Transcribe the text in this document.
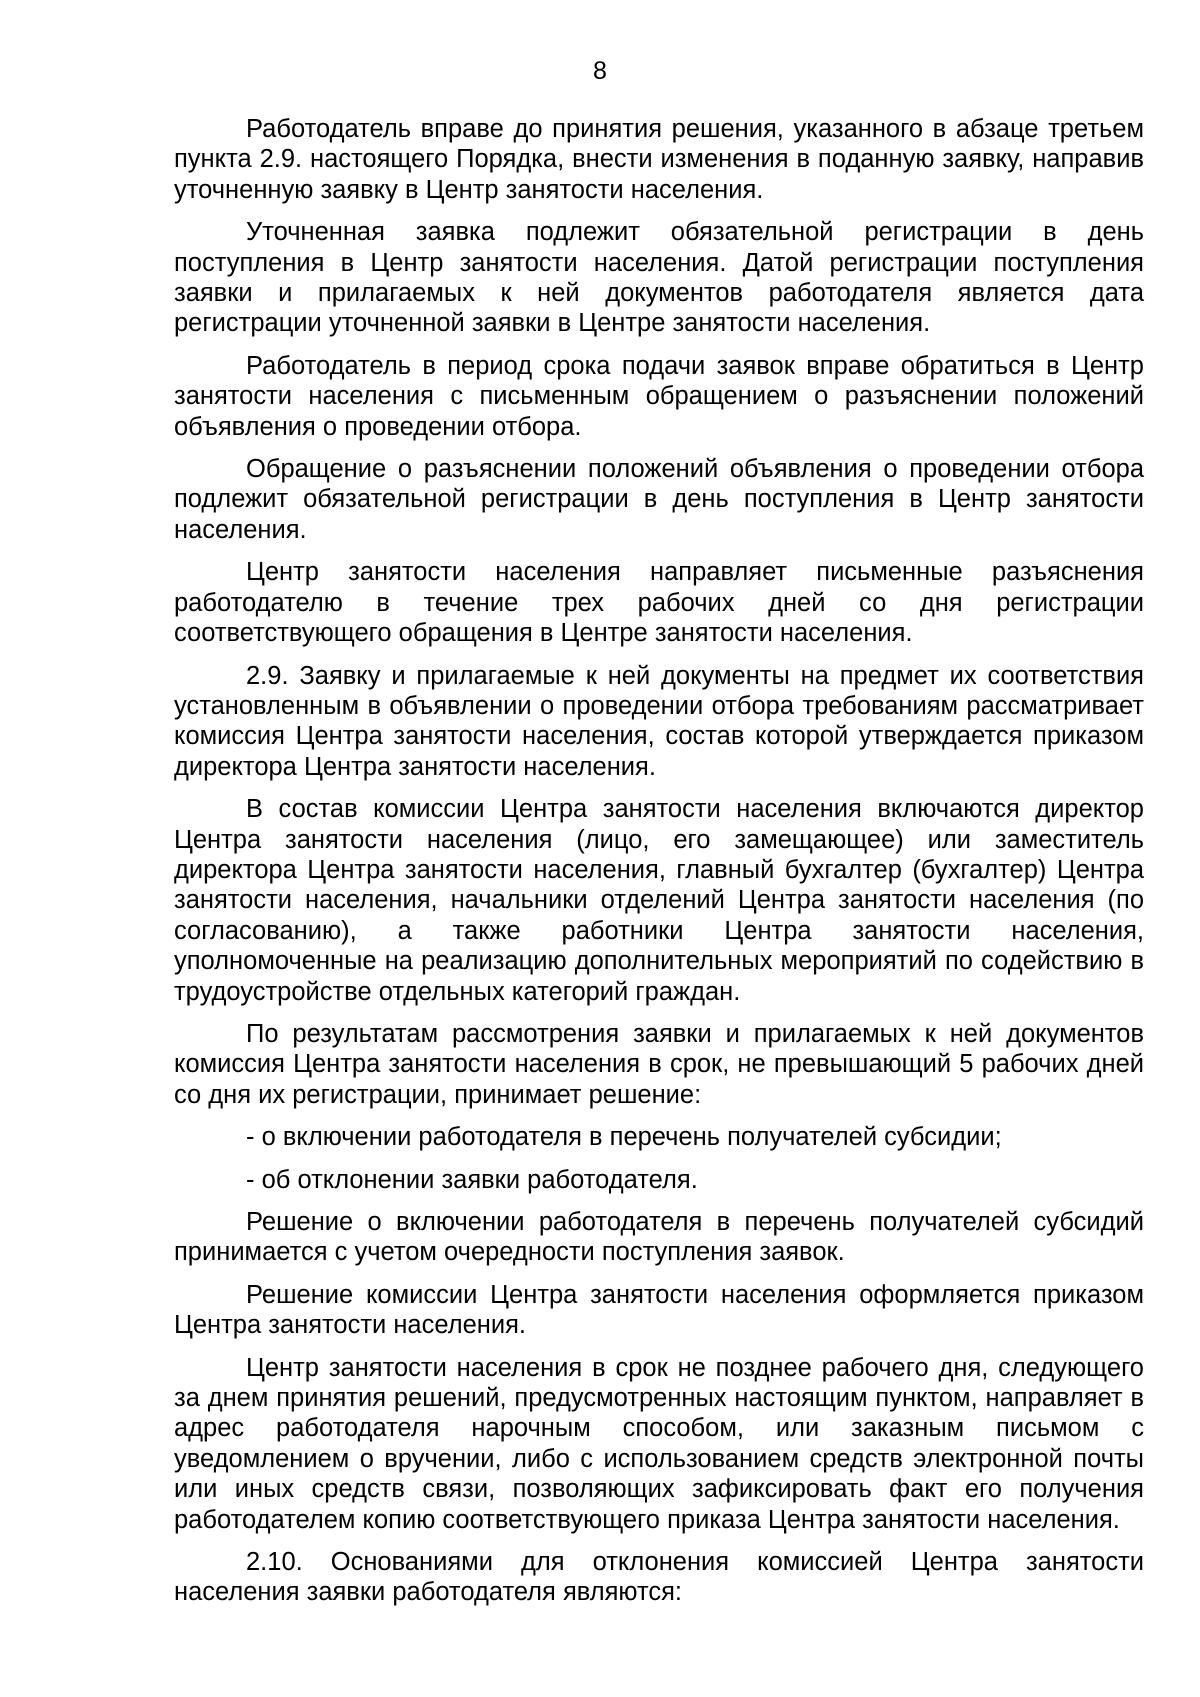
8

Работодатель вправе до принятия решения, указанного в абзаце третьем пункта 2.9. настоящего Порядка, внести изменения в поданную заявку, направив уточненную заявку в Центр занятости населения.

Уточненная заявка подлежит обязательной регистрации в день поступления в Центр занятости населения. Датой регистрации поступления заявки и прилагаемых к ней документов работодателя является дата регистрации уточненной заявки в Центре занятости населения.

Работодатель в период срока подачи заявок вправе обратиться в Центр занятости населения с письменным обращением о разъяснении положений объявления о проведении отбора.

Обращение о разъяснении положений объявления о проведении отбора подлежит обязательной регистрации в день поступления в Центр занятости населения.

Центр занятости населения направляет письменные разъяснения работодателю в течение трех рабочих дней со дня регистрации соответствующего обращения в Центре занятости населения.

2.9. Заявку и прилагаемые к ней документы на предмет их соответствия установленным в объявлении о проведении отбора требованиям рассматривает комиссия Центра занятости населения, состав которой утверждается приказом директора Центра занятости населения.

В состав комиссии Центра занятости населения включаются директор Центра занятости населения (лицо, его замещающее) или заместитель директора Центра занятости населения, главный бухгалтер (бухгалтер) Центра занятости населения, начальники отделений Центра занятости населения (по согласованию), а также работники Центра занятости населения, уполномоченные на реализацию дополнительных мероприятий по содействию в трудоустройстве отдельных категорий граждан.

По результатам рассмотрения заявки и прилагаемых к ней документов комиссия Центра занятости населения в срок, не превышающий 5 рабочих дней со дня их регистрации, принимает решение:

- о включении работодателя в перечень получателей субсидии;

- об отклонении заявки работодателя.

Решение о включении работодателя в перечень получателей субсидий принимается с учетом очередности поступления заявок.

Решение комиссии Центра занятости населения оформляется приказом Центра занятости населения.

Центр занятости населения в срок не позднее рабочего дня, следующего за днем принятия решений, предусмотренных настоящим пунктом, направляет в адрес работодателя нарочным способом, или заказным письмом с уведомлением о вручении, либо с использованием средств электронной почты или иных средств связи, позволяющих зафиксировать факт его получения работодателем копию соответствующего приказа Центра занятости населения.

2.10. Основаниями для отклонения комиссией Центра занятости населения заявки работодателя являются:
